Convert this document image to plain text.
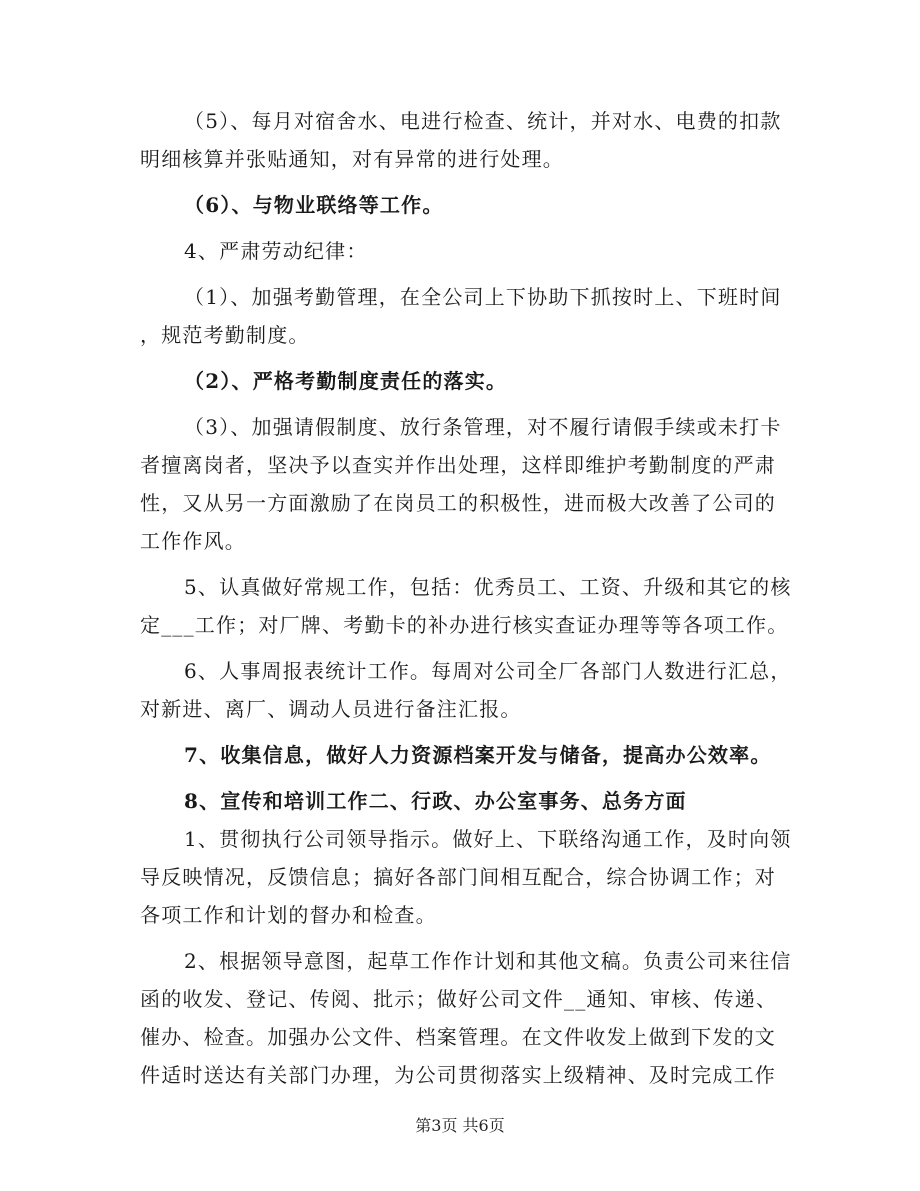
（5）、每月对宿舍水、电进行检查、统计，并对水、电费的扣款
明细核算并张贴通知，对有异常的进行处理。
（6）、与物业联络等工作。
4、严肃劳动纪律：
（1）、加强考勤管理，在全公司上下协助下抓按时上、下班时间
，规范考勤制度。
（2）、严格考勤制度责任的落实。
（3）、加强请假制度、放行条管理，对不履行请假手续或未打卡
者擅离岗者，坚决予以查实并作出处理，这样即维护考勤制度的严肃
性，又从另一方面激励了在岗员工的积极性，进而极大改善了公司的
工作作风。
5、认真做好常规工作，包括：优秀员工、工资、升级和其它的核
定___工作；对厂牌、考勤卡的补办进行核实查证办理等等各项工作。
6、人事周报表统计工作。每周对公司全厂各部门人数进行汇总，
对新进、离厂、调动人员进行备注汇报。
7、收集信息，做好人力资源档案开发与储备，提高办公效率。
8、宣传和培训工作二、行政、办公室事务、总务方面
1、贯彻执行公司领导指示。做好上、下联络沟通工作，及时向领
导反映情况，反馈信息；搞好各部门间相互配合，综合协调工作；对
各项工作和计划的督办和检查。
2、根据领导意图，起草工作作计划和其他文稿。负责公司来往信
函的收发、登记、传阅、批示；做好公司文件__通知、审核、传递、
催办、检查。加强办公文件、档案管理。在文件收发上做到下发的文
件适时送达有关部门办理，为公司贯彻落实上级精神、及时完成工作
第3页 共6页
